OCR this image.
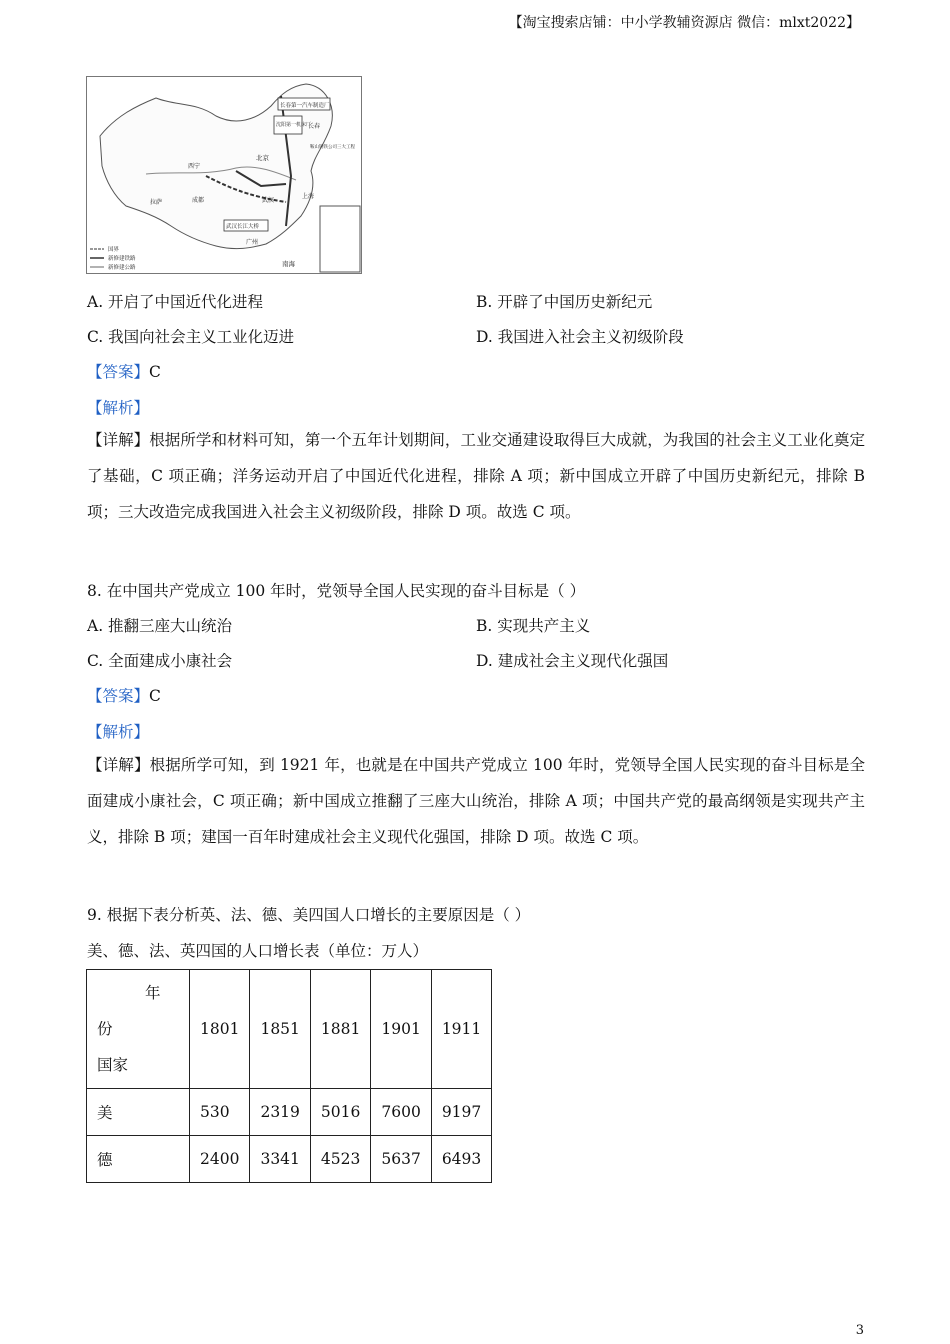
【淘宝搜索店铺：中小学教辅资源店 微信：mlxt2022】
长春第一汽车制造厂
沈阳第一机床厂
长春
北京
西宁
成都	武汉
上海
拉萨
广州
武汉长江大桥
南海
鞍山钢铁公司三大工程
国界
新修建铁路
新修建公路
A. 开启了中国近代化进程	B. 开辟了中国历史新纪元
C. 我国向社会主义工业化迈进	D. 我国进入社会主义初级阶段
【答案】C
【解析】
【详解】根据所学和材料可知，第一个五年计划期间，工业交通建设取得巨大成就，为我国的社会主义工业化奠定了基础，C 项正确；洋务运动开启了中国近代化进程，排除 A 项；新中国成立开辟了中国历史新纪元，排除 B 项；三大改造完成我国进入社会主义初级阶段，排除 D 项。故选 C 项。
8. 在中国共产党成立 100 年时，党领导全国人民实现的奋斗目标是（ ）
A. 推翻三座大山统治	B. 实现共产主义
C. 全面建成小康社会	D. 建成社会主义现代化强国
【答案】C
【解析】
【详解】根据所学可知，到 1921 年，也就是在中国共产党成立 100 年时，党领导全国人民实现的奋斗目标是全面建成小康社会，C 项正确；新中国成立推翻了三座大山统治，排除 A 项；中国共产党的最高纲领是实现共产主义，排除 B 项；建国一百年时建成社会主义现代化强国，排除 D 项。故选 C 项。
9. 根据下表分析英、法、德、美四国人口增长的主要原因是（ ）
美、德、法、英四国的人口增长表（单位：万人）
年
份
国家	1801	1851	1881	1901	1911
美	530	2319	5016	7600	9197
德	2400	3341	4523	5637	6493
3
